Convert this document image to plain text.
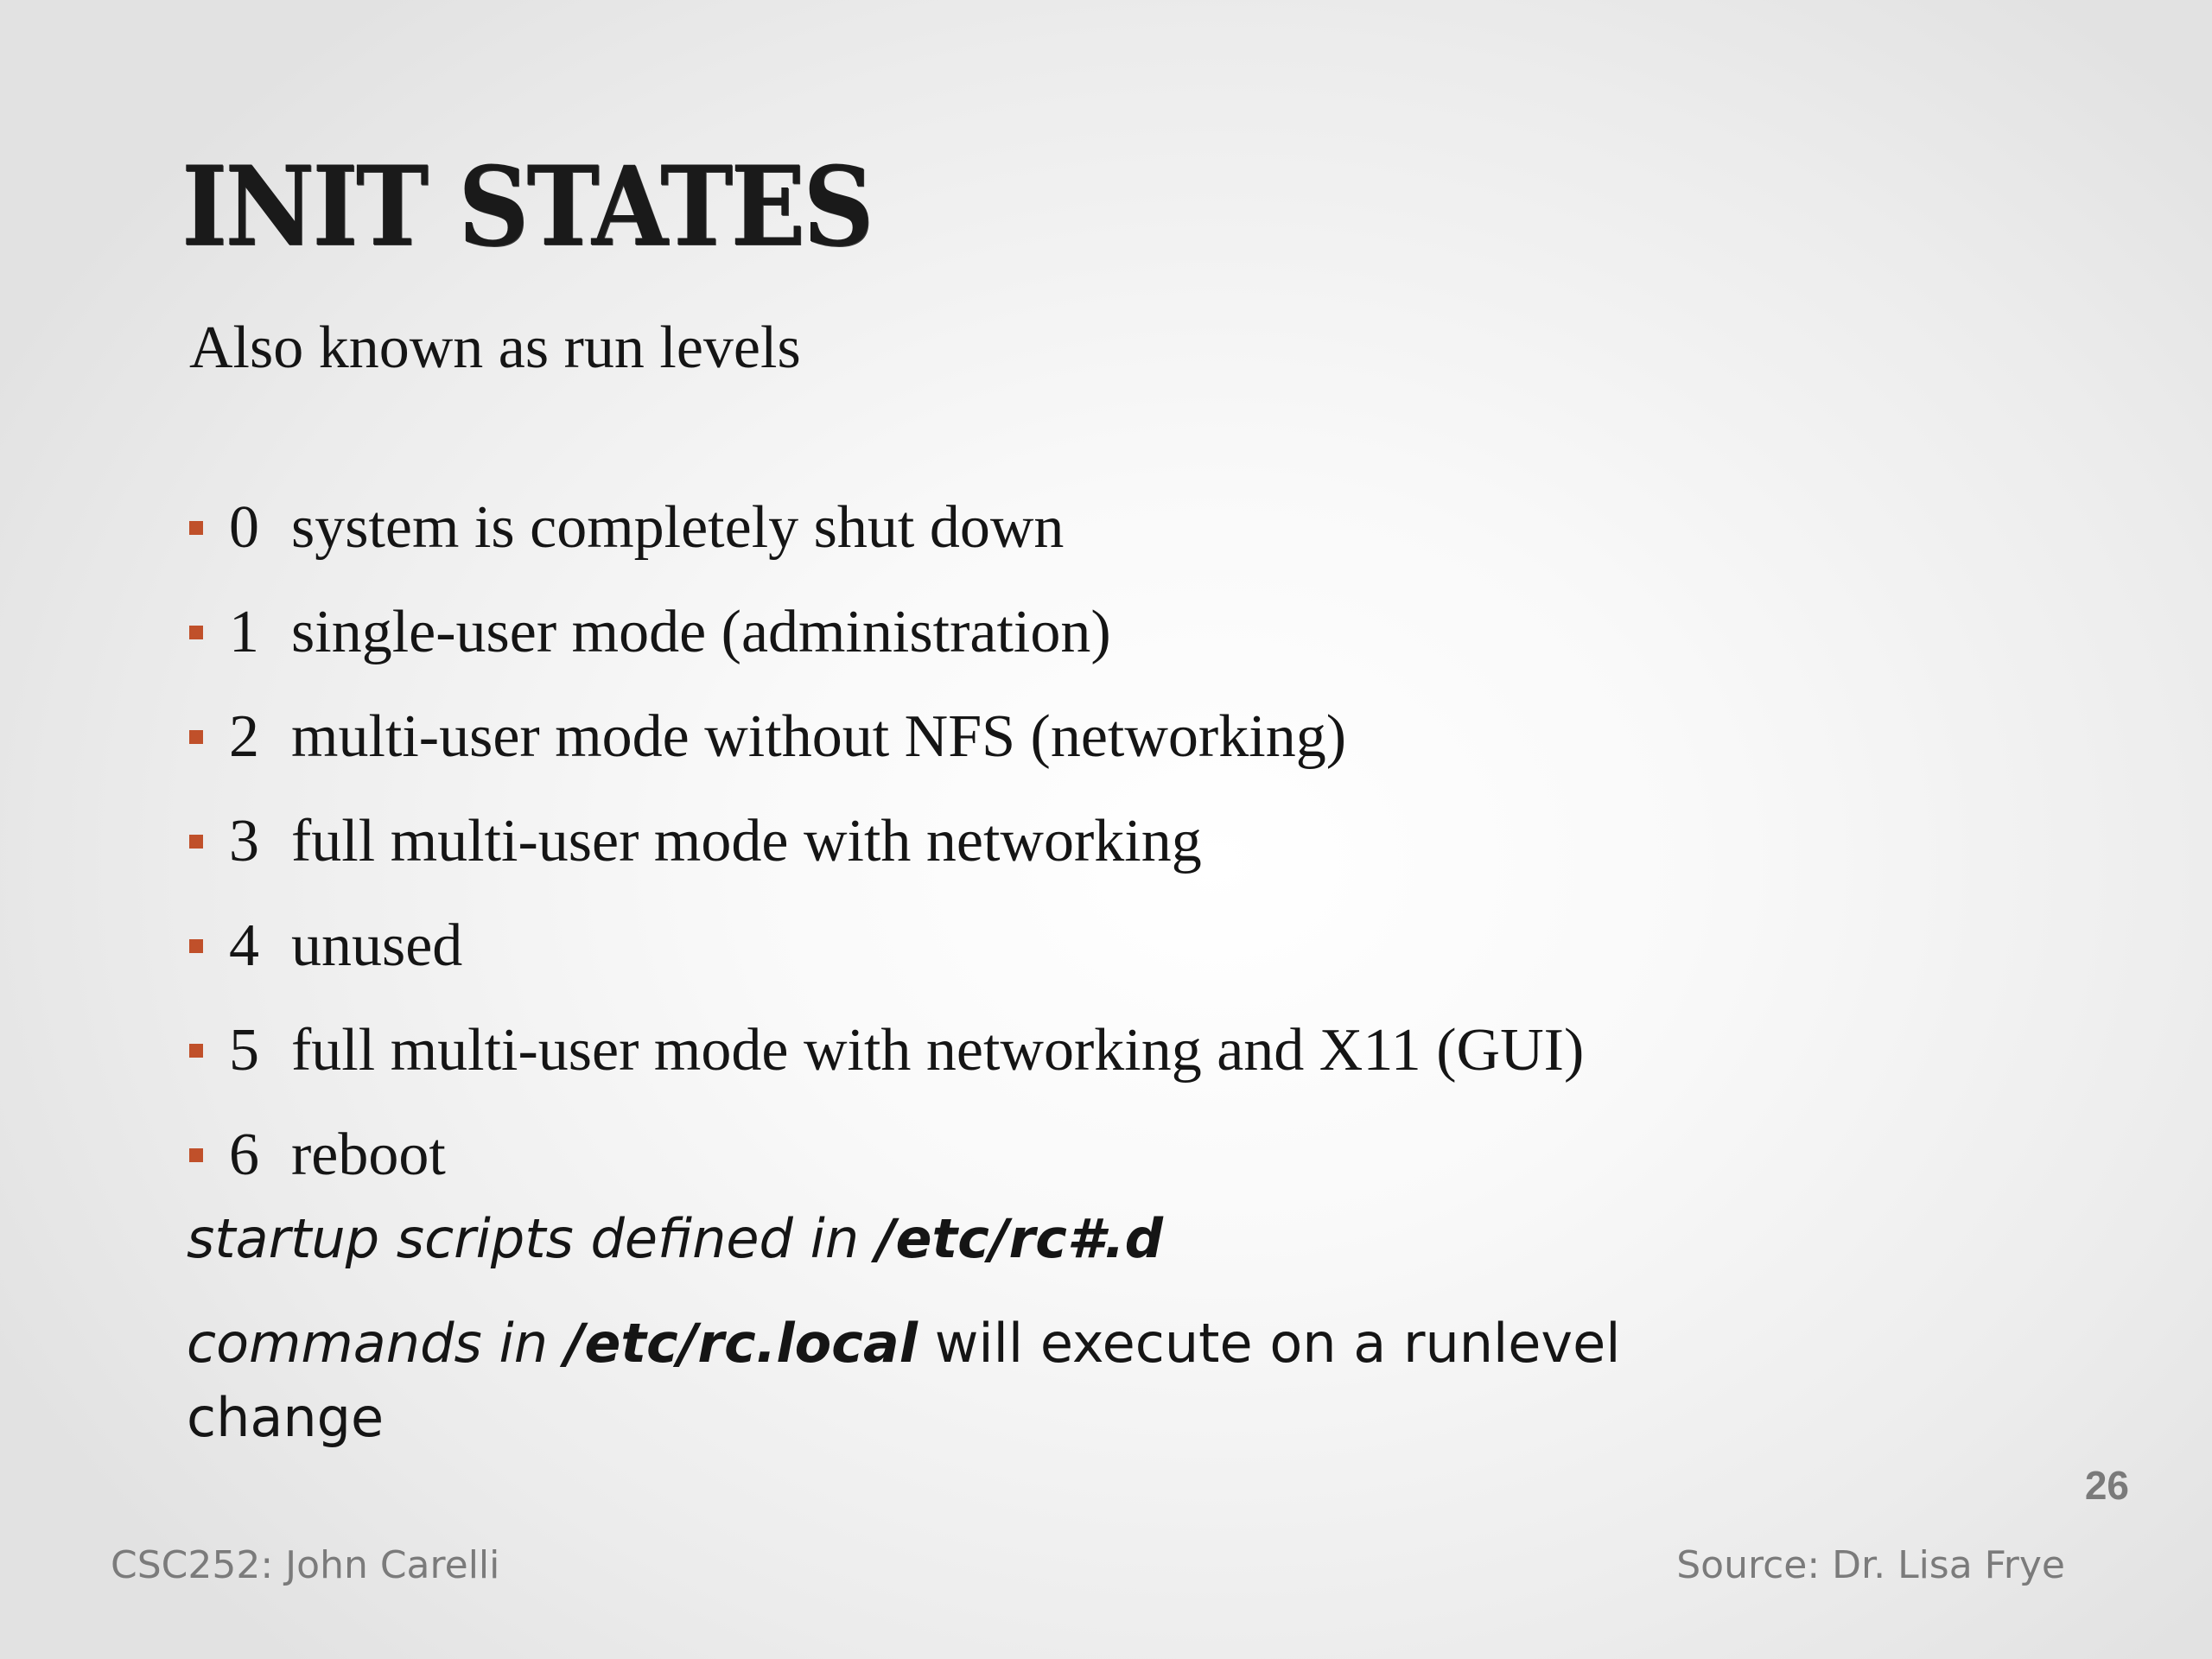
INIT STATES

Also known as run levels

0 system is completely shut down
1 single-user mode (administration)
2 multi-user mode without NFS (networking)
3 full multi-user mode with networking
4 unused
5 full multi-user mode with networking and X11 (GUI)
6 reboot

startup scripts defined in /etc/rc#.d

commands in /etc/rc.local will execute on a runlevel

change

26
CSC252: John Carelli	Source: Dr. Lisa Frye
